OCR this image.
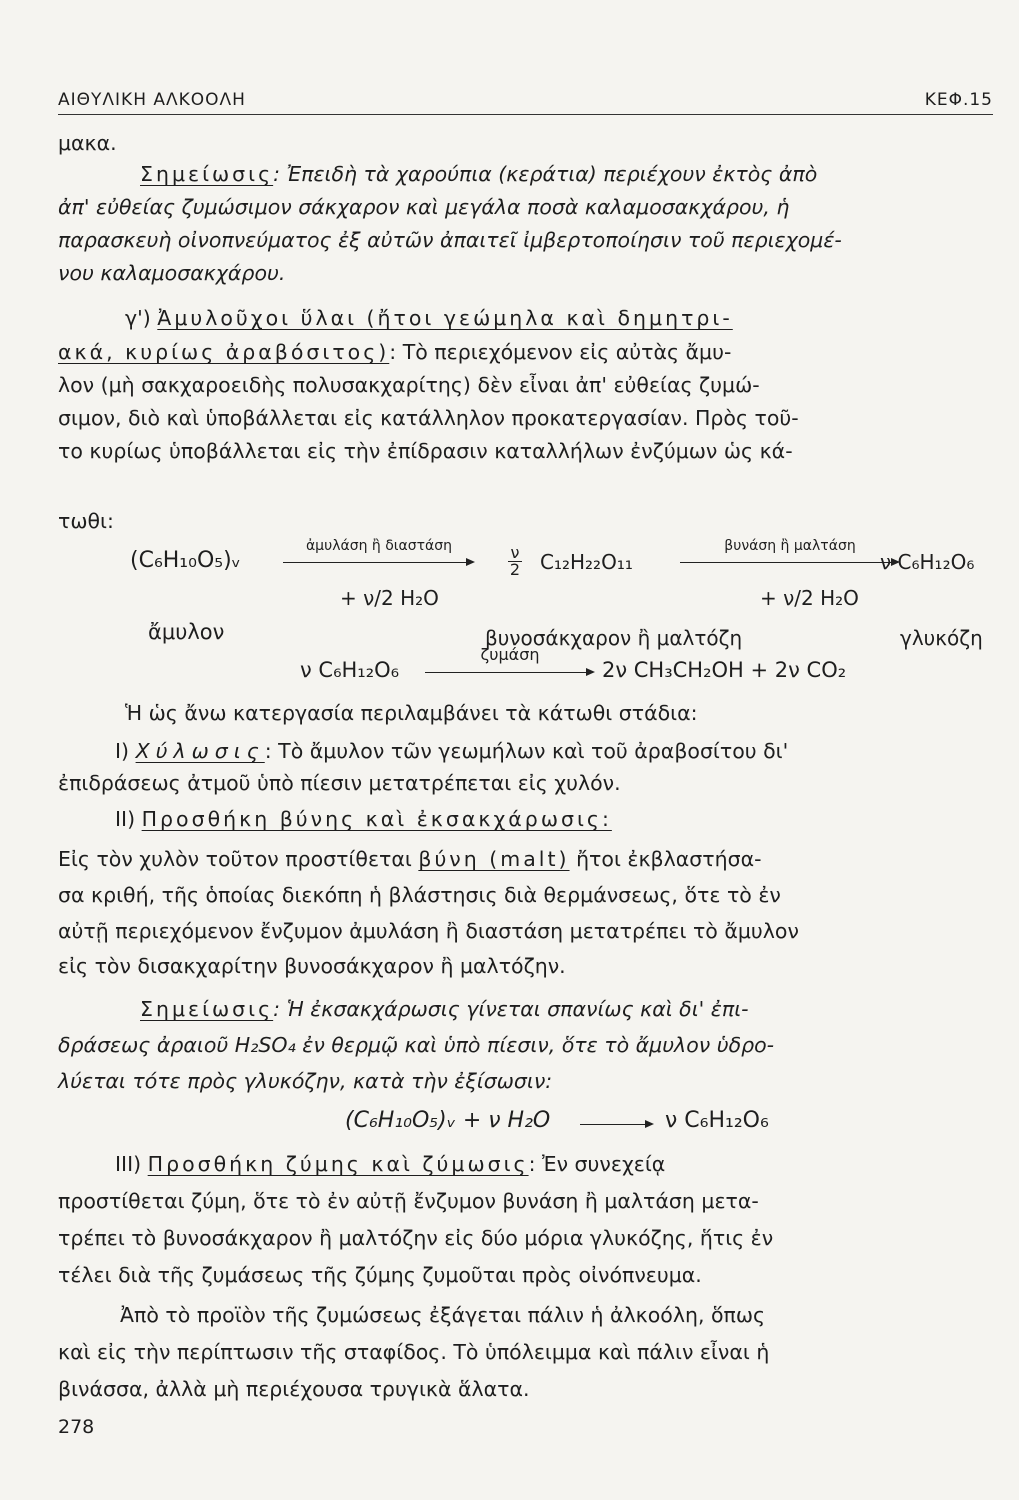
ΑΙΘΥΛΙΚΗ ΑΛΚΟΟΛΗ	ΚΕΦ.15
μακα.
Σημείωσις: Ἐπειδὴ τὰ χαρούπια (κεράτια) περιέχουν ἐκτὸς ἀπὸ
ἀπ' εὐθείας ζυμώσιμον σάκχαρον καὶ μεγάλα ποσὰ καλαμοσακχάρου, ἡ
παρασκευὴ οἰνοπνεύματος ἐξ αὐτῶν ἀπαιτεῖ ἰμβερτοποίησιν τοῦ περιεχομέ-
νου καλαμοσακχάρου.
γ') Ἀμυλοῦχοι ὕλαι (ἤτοι γεώμηλα καὶ δημητρι-
ακά, κυρίως ἀραβόσιτος): Τὸ περιεχόμενον εἰς αὐτὰς ἄμυ-
λον (μὴ σακχαροειδὴς πολυσακχαρίτης) δὲν εἶναι ἀπ' εὐθείας ζυμώ-
σιμον, διὸ καὶ ὑποβάλλεται εἰς κατάλληλον προκατεργασίαν. Πρὸς τοῦ-
το κυρίως ὑποβάλλεται εἰς τὴν ἐπίδρασιν καταλλήλων ἐνζύμων ὡς κά-
τωθι:
(C₆H₁₀O₅)ᵥ
ἀμυλάση ἢ διαστάση	$\frac{\nu}{2} C_{12}H_{22}O_{11}$
βυνάση ἢ μαλτάση
ν C₆H₁₂O₆
+ ν/2 H₂O	+ ν/2 H₂O
ἄμυλον	βυνοσάκχαρον ἢ μαλτόζη	γλυκόζη
ν C₆H₁₂O₆
ζυμάση
2ν CH₃CH₂OH + 2ν CO₂
Ἡ ὡς ἄνω κατεργασία περιλαμβάνει τὰ κάτωθι στάδια:
I) Χύλωσις: Τὸ ἄμυλον τῶν γεωμήλων καὶ τοῦ ἀραβοσίτου δι'
ἐπιδράσεως ἀτμοῦ ὑπὸ πίεσιν μετατρέπεται εἰς χυλόν.
II) Προσθήκη βύνης καὶ ἐκσακχάρωσις:
Εἰς τὸν χυλὸν τοῦτον προστίθεται βύνη (malt) ἤτοι ἐκβλαστήσα-
σα κριθή, τῆς ὁποίας διεκόπη ἡ βλάστησις διὰ θερμάνσεως, ὅτε τὸ ἐν
αὐτῇ περιεχόμενον ἔνζυμον ἀμυλάση ἢ διαστάση μετατρέπει τὸ ἄμυλον
εἰς τὸν δισακχαρίτην βυνοσάκχαρον ἢ μαλτόζην.
Σημείωσις: Ἡ ἐκσακχάρωσις γίνεται σπανίως καὶ δι' ἐπι-
δράσεως ἀραιοῦ H₂SO₄ ἐν θερμῷ καὶ ὑπὸ πίεσιν, ὅτε τὸ ἄμυλον ὑδρο-
λύεται τότε πρὸς γλυκόζην, κατὰ τὴν ἐξίσωσιν:
(C₆H₁₀O₅)ᵥ + ν H₂O	ν C₆H₁₂O₆
III) Προσθήκη ζύμης καὶ ζύμωσις: Ἐν συνεχείᾳ
προστίθεται ζύμη, ὅτε τὸ ἐν αὐτῇ ἔνζυμον βυνάση ἢ μαλτάση μετα-
τρέπει τὸ βυνοσάκχαρον ἢ μαλτόζην εἰς δύο μόρια γλυκόζης, ἥτις ἐν
τέλει διὰ τῆς ζυμάσεως τῆς ζύμης ζυμοῦται πρὸς οἰνόπνευμα.
Ἀπὸ τὸ προϊὸν τῆς ζυμώσεως ἐξάγεται πάλιν ἡ ἀλκοόλη, ὅπως
καὶ εἰς τὴν περίπτωσιν τῆς σταφίδος. Τὸ ὑπόλειμμα καὶ πάλιν εἶναι ἡ
βινάσσα, ἀλλὰ μὴ περιέχουσα τρυγικὰ ἅλατα.
278
